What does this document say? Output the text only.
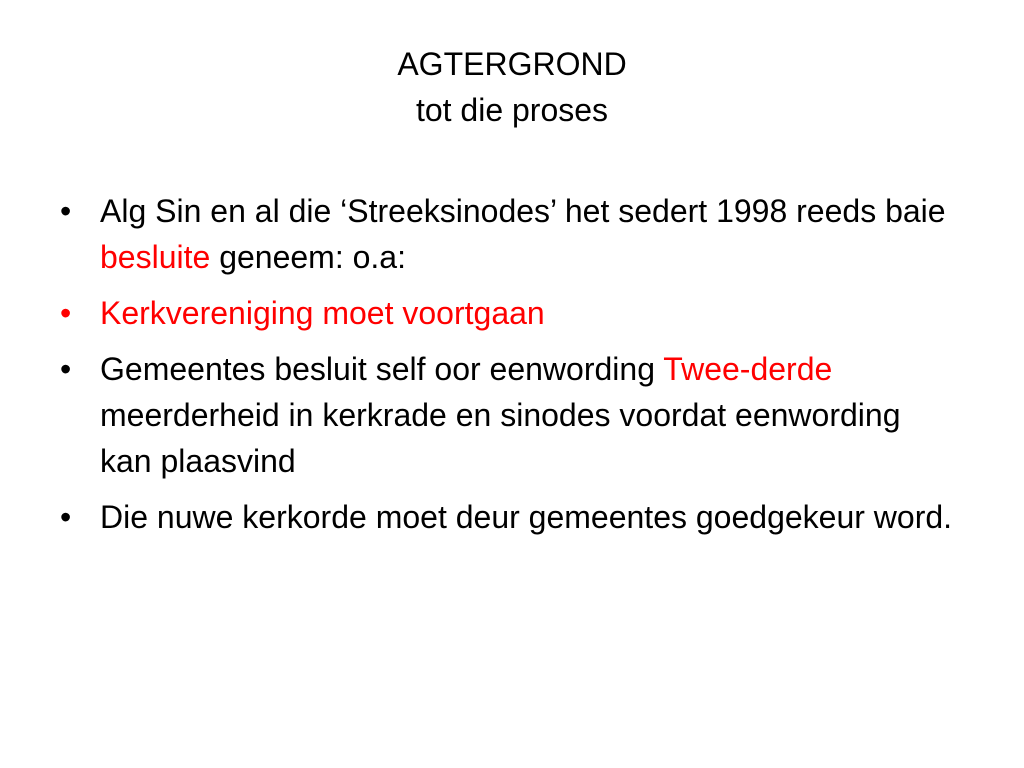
AGTERGROND
tot die proses
• Alg Sin en al die ‘Streeksinodes’ het sedert 1998 reeds baie besluite geneem: o.a:
• Kerkvereniging moet voortgaan
• Gemeentes besluit self oor eenwording Twee-derde meerderheid in kerkrade en sinodes voordat eenwording kan plaasvind
• Die nuwe kerkorde moet deur gemeentes goedgekeur word.
